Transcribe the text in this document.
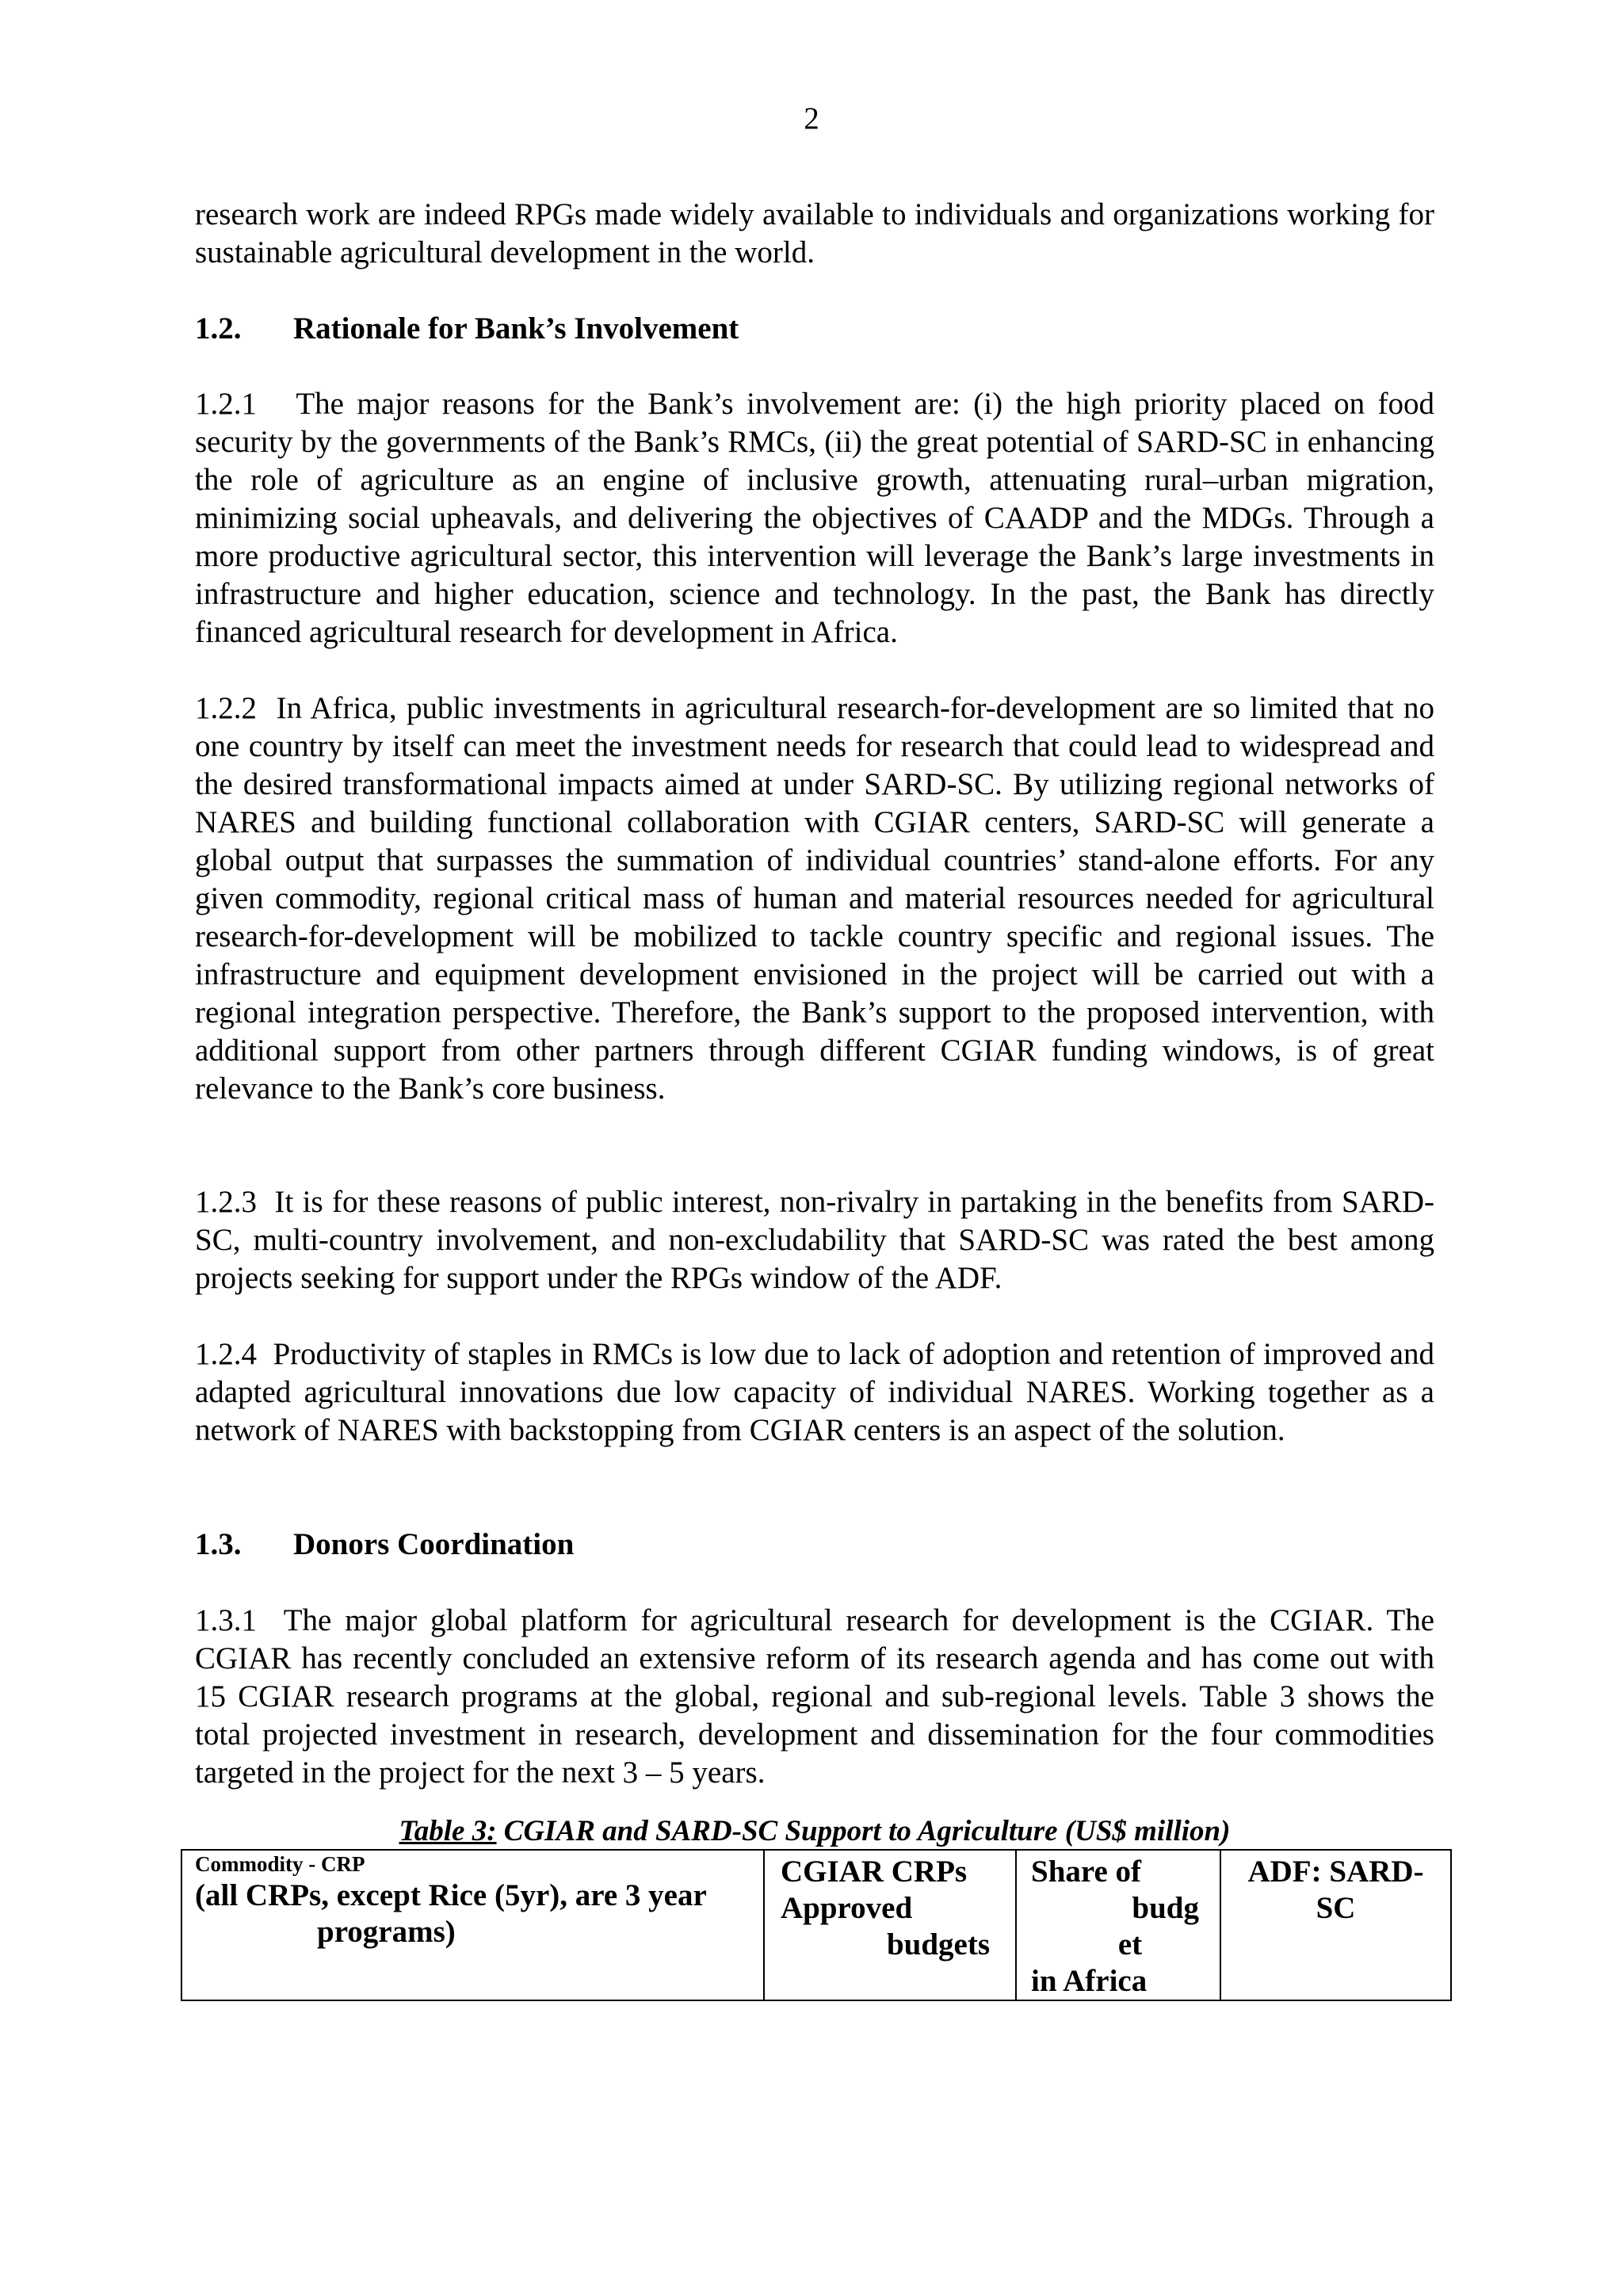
2

research work are indeed RPGs made widely available to individuals and organizations working for sustainable agricultural development in the world.

1.2. Rationale for Bank’s Involvement

1.2.1   The major reasons for the Bank’s involvement are: (i) the high priority placed on food security by the governments of the Bank’s RMCs, (ii) the great potential of SARD-SC in enhancing the role of agriculture as an engine of inclusive growth, attenuating rural–urban migration, minimizing social upheavals, and delivering the objectives of CAADP and the MDGs. Through a more productive agricultural sector, this intervention will leverage the Bank’s large investments in infrastructure and higher education, science and technology. In the past, the Bank has directly financed agricultural research for development in Africa.

1.2.2  In Africa, public investments in agricultural research-for-development are so limited that no one country by itself can meet the investment needs for research that could lead to widespread and the desired transformational impacts aimed at under SARD-SC. By utilizing regional networks of NARES and building functional collaboration with CGIAR centers, SARD-SC will generate a global output that surpasses the summation of individual countries’ stand-alone efforts. For any given commodity, regional critical mass of human and material resources needed for agricultural research-for-development will be mobilized to tackle country specific and regional issues. The infrastructure and equipment development envisioned in the project will be carried out with a regional integration perspective. Therefore, the Bank’s support to the proposed intervention, with additional support from other partners through different CGIAR funding windows, is of great relevance to the Bank’s core business.

1.2.3  It is for these reasons of public interest, non-rivalry in partaking in the benefits from SARD-SC, multi-country involvement, and non-excludability that SARD-SC was rated the best among projects seeking for support under the RPGs window of the ADF.

1.2.4  Productivity of staples in RMCs is low due to lack of adoption and retention of improved and adapted agricultural innovations due low capacity of individual NARES. Working together as a network of NARES with backstopping from CGIAR centers is an aspect of the solution.

1.3. Donors Coordination

1.3.1  The major global platform for agricultural research for development is the CGIAR. The CGIAR has recently concluded an extensive reform of its research agenda and has come out with 15 CGIAR research programs at the global, regional and sub-regional levels. Table 3 shows the total projected investment in research, development and dissemination for the four commodities targeted in the project for the next 3 – 5 years.

Table 3: CGIAR and SARD-SC Support to Agriculture (US$ million)
Commodity - CRP
(all CRPs, except Rice (5yr), are 3 year
programs)

CGIAR CRPs
Approved
budgets

Share of
budg
et
in Africa

ADF: SARD-
SC
